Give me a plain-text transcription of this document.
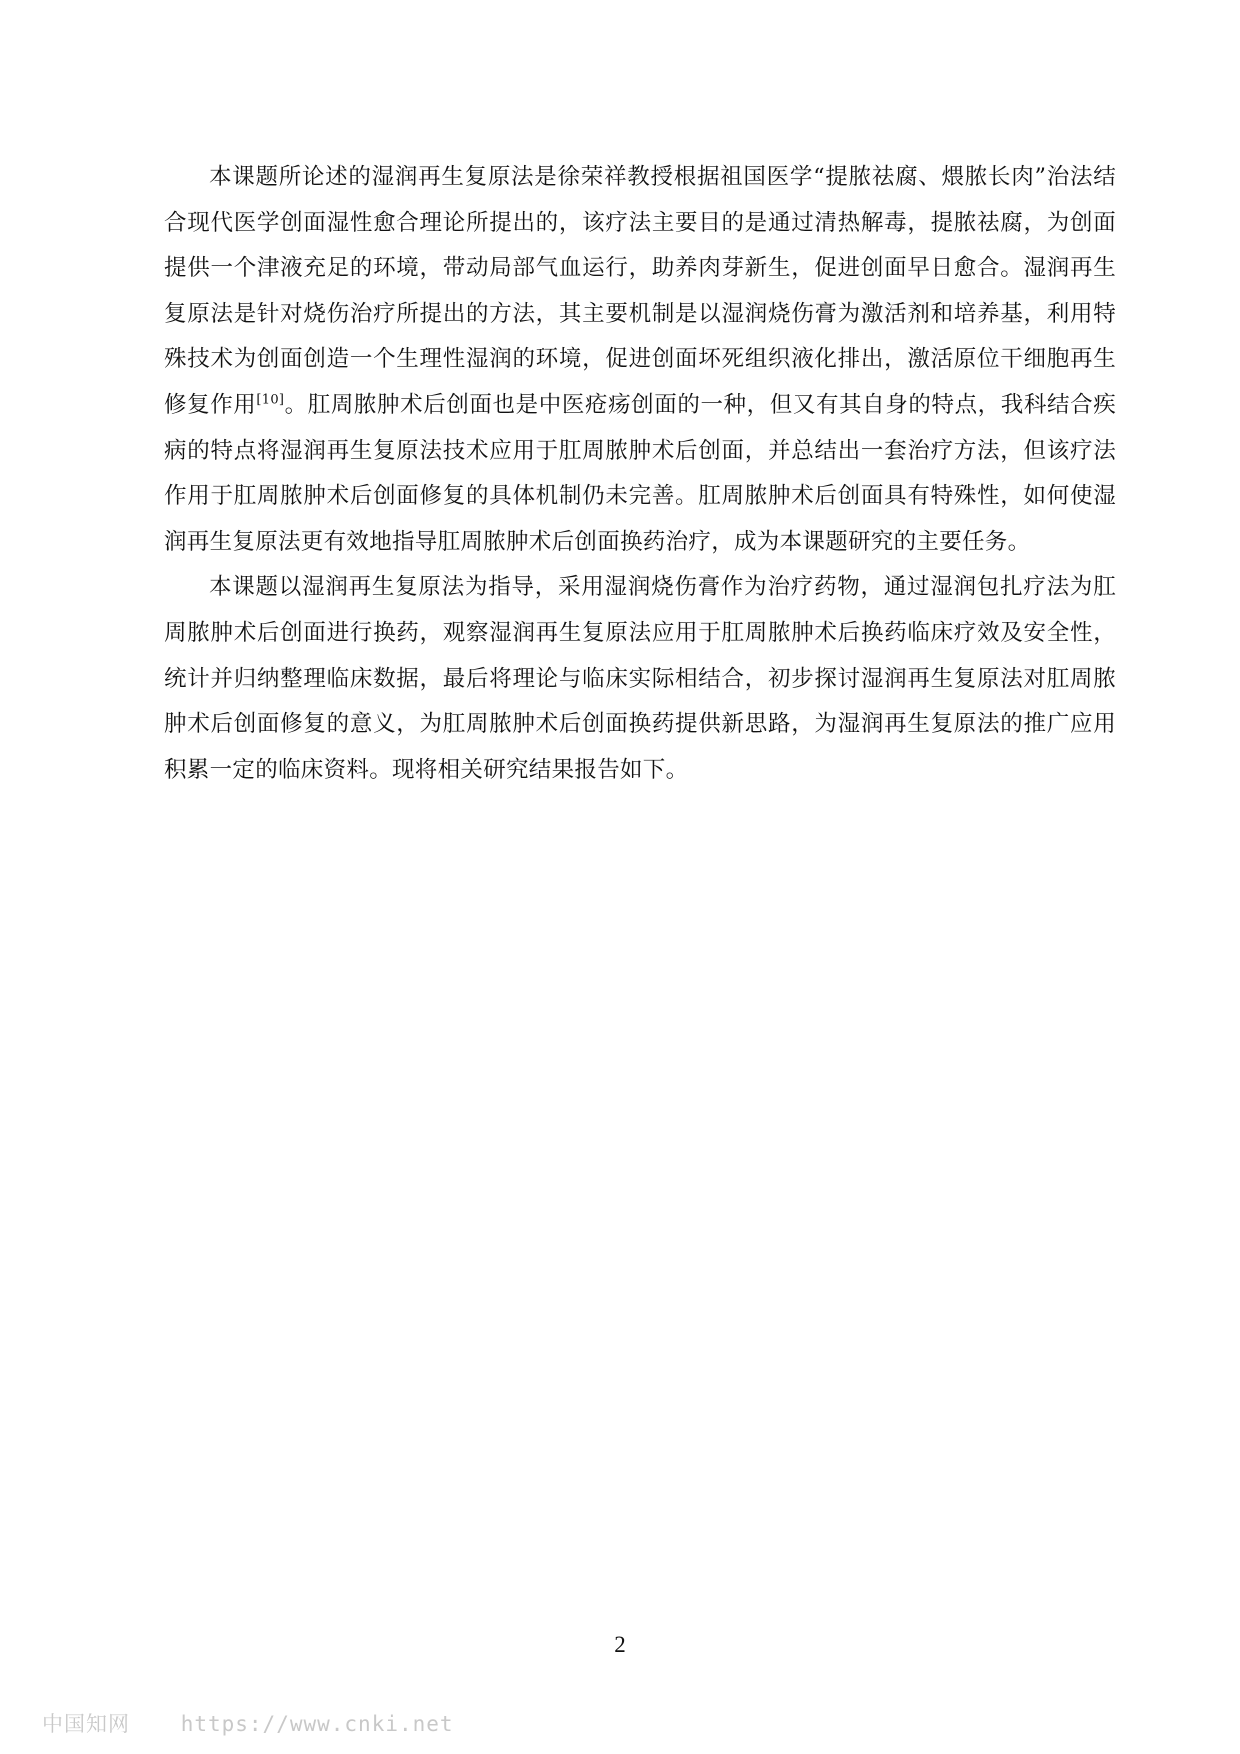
本课题所论述的湿润再生复原法是徐荣祥教授根据祖国医学“提脓祛腐、煨脓长肉”治法结合现代医学创面湿性愈合理论所提出的，该疗法主要目的是通过清热解毒，提脓祛腐，为创面提供一个津液充足的环境，带动局部气血运行，助养肉芽新生，促进创面早日愈合。湿润再生复原法是针对烧伤治疗所提出的方法，其主要机制是以湿润烧伤膏为激活剂和培养基，利用特殊技术为创面创造一个生理性湿润的环境，促进创面坏死组织液化排出，激活原位干细胞再生修复作用[10]。肛周脓肿术后创面也是中医疮疡创面的一种，但又有其自身的特点，我科结合疾病的特点将湿润再生复原法技术应用于肛周脓肿术后创面，并总结出一套治疗方法，但该疗法作用于肛周脓肿术后创面修复的具体机制仍未完善。肛周脓肿术后创面具有特殊性，如何使湿润再生复原法更有效地指导肛周脓肿术后创面换药治疗，成为本课题研究的主要任务。

本课题以湿润再生复原法为指导，采用湿润烧伤膏作为治疗药物，通过湿润包扎疗法为肛周脓肿术后创面进行换药，观察湿润再生复原法应用于肛周脓肿术后换药临床疗效及安全性，统计并归纳整理临床数据，最后将理论与临床实际相结合，初步探讨湿润再生复原法对肛周脓肿术后创面修复的意义，为肛周脓肿术后创面换药提供新思路，为湿润再生复原法的推广应用积累一定的临床资料。现将相关研究结果报告如下。

2
中国知网 https://www.cnki.net
